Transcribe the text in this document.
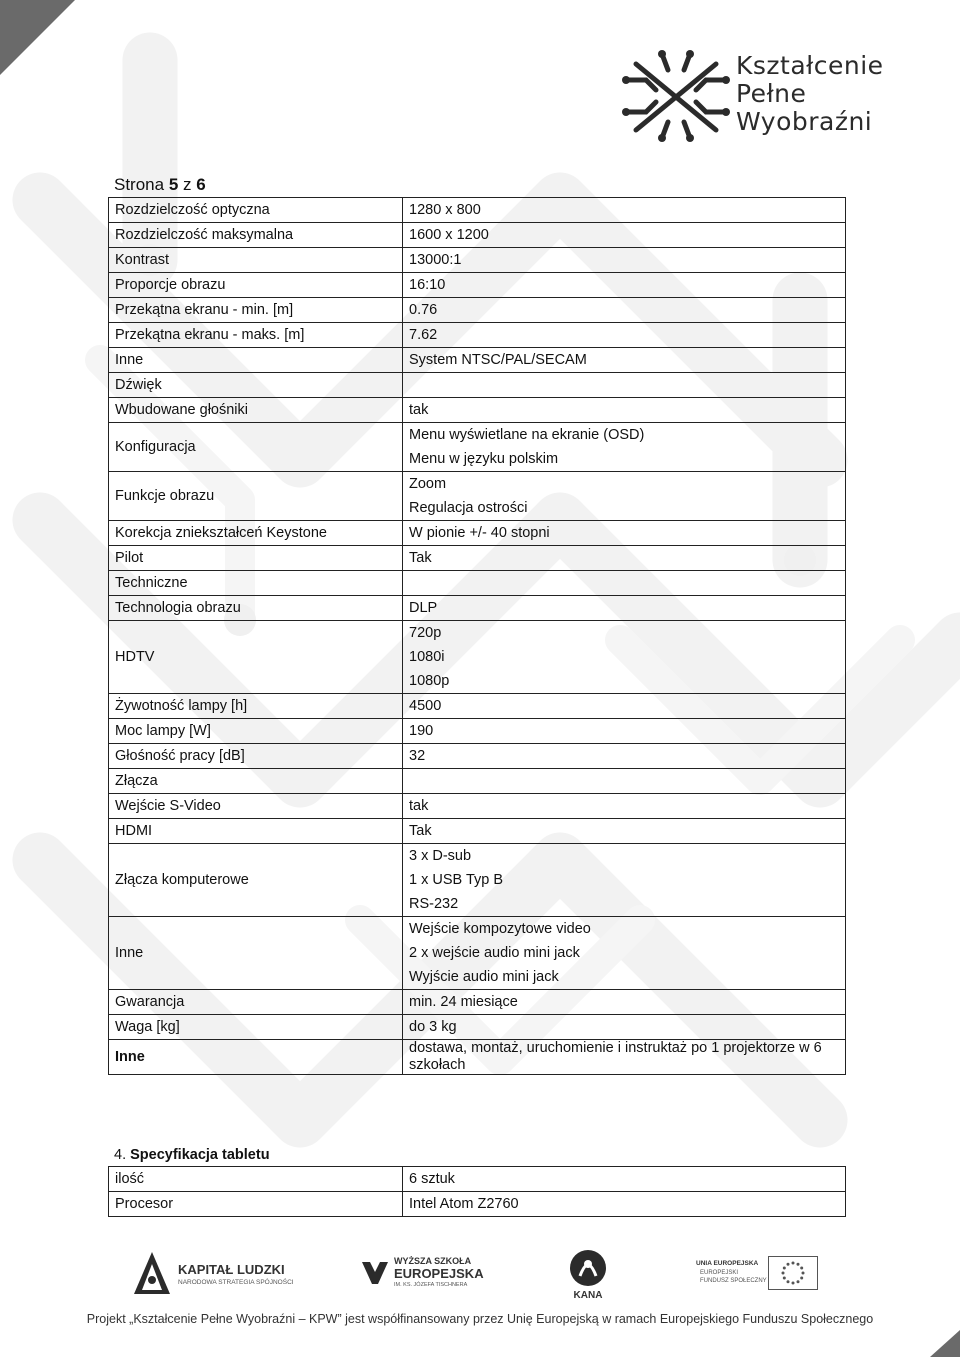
Kształcenie
Pełne
Wyobraźni
Strona 5 z 6
Rozdzielczość optyczna	1280 x 800
Rozdzielczość maksymalna	1600 x 1200
Kontrast	13000:1
Proporcje obrazu	16:10
Przekątna ekranu - min. [m]	0.76
Przekątna ekranu - maks. [m]	7.62
Inne	System NTSC/PAL/SECAM
Dźwięk	
Wbudowane głośniki	tak
Konfiguracja	Menu wyświetlane na ekranie (OSD)
	Menu w języku polskim
Funkcje obrazu	Zoom
	Regulacja ostrości
Korekcja zniekształceń Keystone	W pionie +/- 40 stopni
Pilot	Tak
Techniczne	
Technologia obrazu	DLP
HDTV	720p
	1080i
	1080p
Żywotność lampy [h]	4500
Moc lampy [W]	190
Głośność pracy [dB]	32
Złącza	
Wejście S-Video	tak
HDMI	Tak
Złącza komputerowe	3 x D-sub
	1 x USB Typ B
	RS-232
Inne	Wejście kompozytowe video
	2 x wejście audio mini jack
	Wyjście audio mini jack
Gwarancja	min. 24 miesiące
Waga [kg]	do 3 kg
Inne	dostawa, montaż, uruchomienie i instruktaż po 1 projektorze w 6 szkołach
4. Specyfikacja tabletu
ilość	6 sztuk
Procesor	Intel Atom Z2760
KAPITAŁ LUDZKI
NARODOWA STRATEGIA SPÓJNOŚCI
WYŻSZA SZKOŁA
EUROPEJSKA
IM. KS. JÓZEFA TISCHNERA
KANA
UNIA EUROPEJSKA
EUROPEJSKI
FUNDUSZ SPOŁECZNY
Projekt „Kształcenie Pełne Wyobraźni – KPW” jest współfinansowany przez Unię Europejską w ramach Europejskiego Funduszu Społecznego
